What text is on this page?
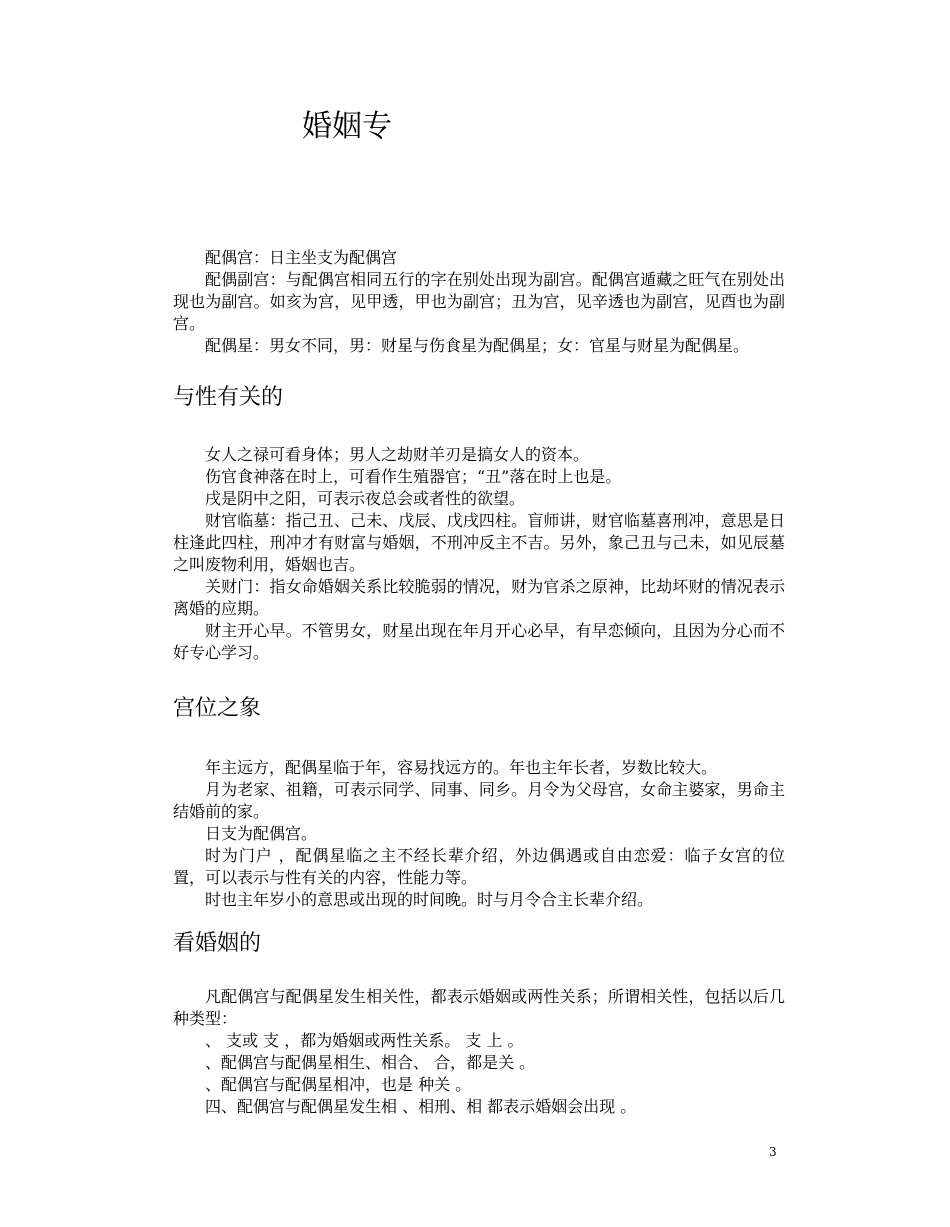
婚姻专

配偶宫：日主坐支为配偶宫

配偶副宫：与配偶宫相同五行的字在别处出现为副宫。配偶宫遁藏之旺气在别处出现也为副宫。如亥为宫，见甲透，甲也为副宫；丑为宫，见辛透也为副宫，见酉也为副宫。

配偶星：男女不同，男：财星与伤食星为配偶星；女：官星与财星为配偶星。

与性有关的

女人之禄可看身体；男人之劫财羊刃是搞女人的资本。

伤官食神落在时上，可看作生殖器官；“丑”落在时上也是。

戌是阴中之阳，可表示夜总会或者性的欲望。

财官临墓：指己丑、己未、戊辰、戊戌四柱。盲师讲，财官临墓喜刑冲，意思是日柱逢此四柱，刑冲才有财富与婚姻，不刑冲反主不吉。另外，象己丑与己未，如见辰墓之叫废物利用，婚姻也吉。

关财门：指女命婚姻关系比较脆弱的情况，财为官杀之原神，比劫坏财的情况表示离婚的应期。

财主开心早。不管男女，财星出现在年月开心必早，有早恋倾向，且因为分心而不好专心学习。

宫位之象

年主远方，配偶星临于年，容易找远方的。年也主年长者，岁数比较大。

月为老家、祖籍，可表示同学、同事、同乡。月令为父母宫，女命主婆家，男命主结婚前的家。

日支为配偶宫。

时为门户 ，配偶星临之主不经长辈介绍，外边偶遇或自由恋爱：临子女宫的位置，可以表示与性有关的内容，性能力等。

时也主年岁小的意思或出现的时间晚。时与月令合主长辈介绍。

看婚姻的

凡配偶宫与配偶星发生相关性，都表示婚姻或两性关系；所谓相关性，包括以后几种类型：

、 支或 支 ，都为婚姻或两性关系。 支 上 。

、配偶宫与配偶星相生、相合、 合，都是关 。

、配偶宫与配偶星相冲，也是 种关 。

四、配偶宫与配偶星发生相 、相刑、相 都表示婚姻会出现 。

3
